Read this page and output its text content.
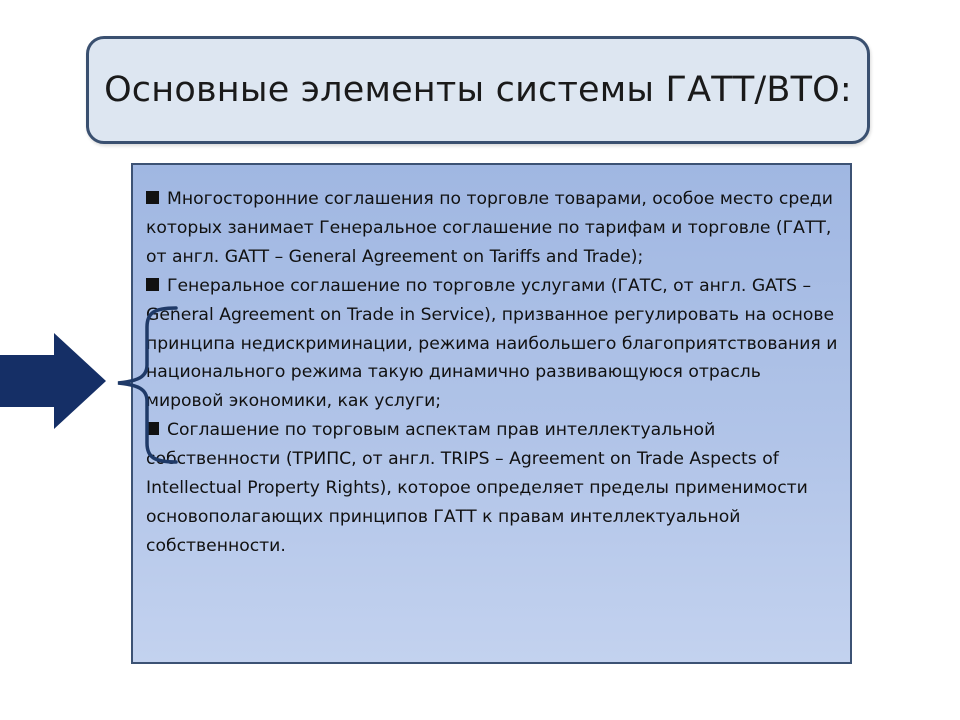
Основные элементы системы ГАТТ/ВТО:

Многосторонние соглашения по торговле товарами, особое место среди которых занимает Генеральное соглашение по тарифам и торговле (ГАТТ, от англ. GATT – General Agreement on Tariffs and Trade);

Генеральное соглашение по торговле услугами (ГАТС, от англ. GATS – General Agreement on Trade in Service), призванное регулировать на основе принципа недискриминации, режима наибольшего благоприятствования и национального режима такую динамично развивающуюся отрасль мировой экономики, как услуги;

Соглашение по торговым аспектам прав интеллектуальной собственности (ТРИПС, от англ. TRIPS – Agreement on Trade Aspects of Intellectual Property Rights), которое определяет пределы применимости основополагающих принципов ГАТТ к правам интеллектуальной собственности.
